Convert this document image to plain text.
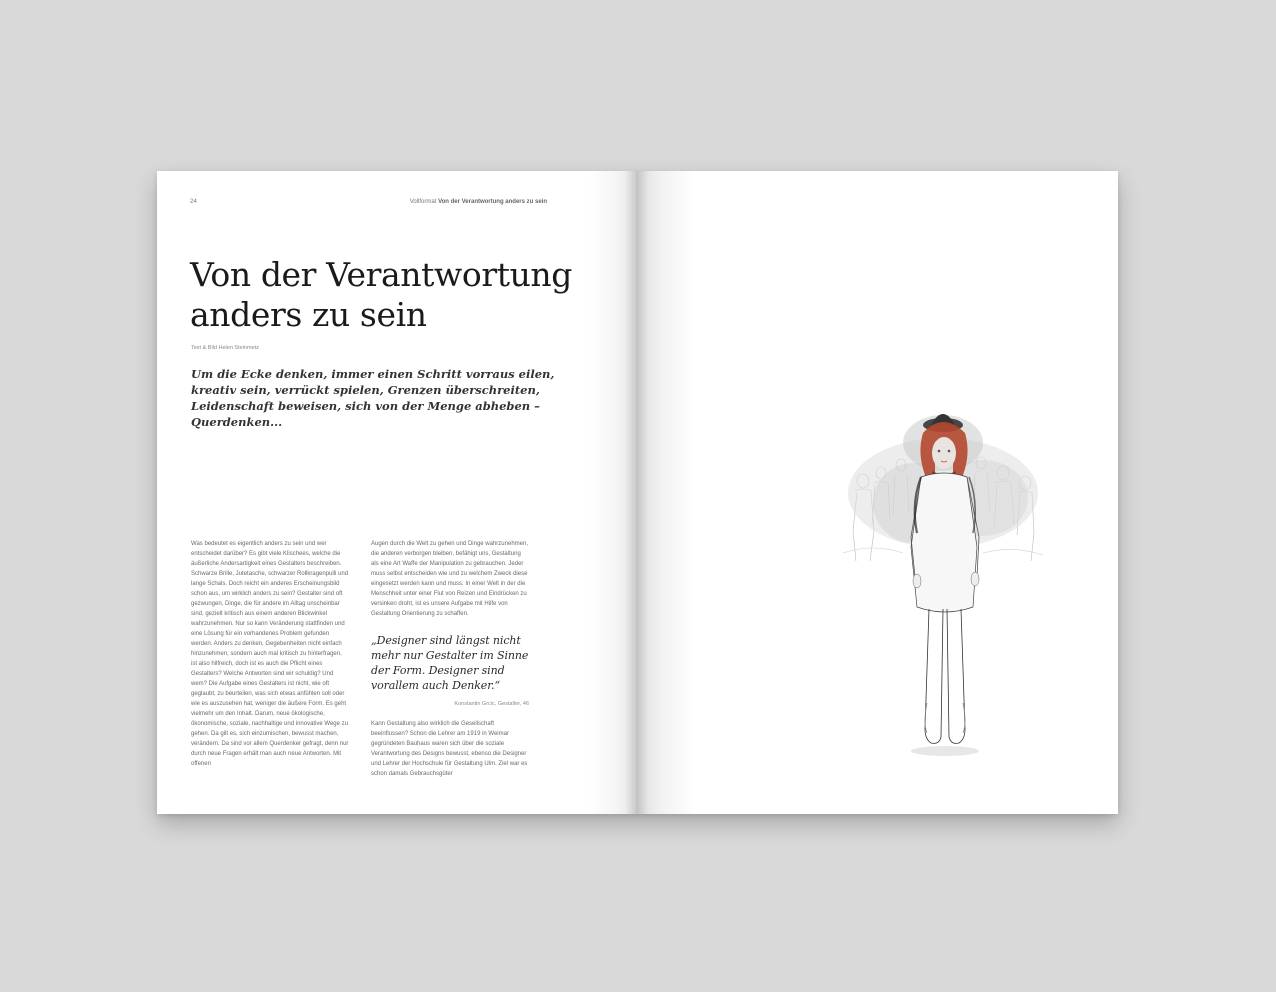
24	Vollformat Von der Verantwortung anders zu sein
Von der Verantwortung
anders zu sein
Text & Bild Helen Steinmetz

Um die Ecke denken, immer einen Schritt vorraus eilen, kreativ sein, verrückt spielen, Grenzen überschreiten, Leidenschaft beweisen, sich von der Menge abheben – Querdenken...

Was bedeutet es eigentlich anders zu sein und wer entscheidet darüber? Es gibt viele Klischees, welche die äußerliche Andersartigkeit eines Gestalters beschreiben. Schwarze Brille, Jutetasche, schwarzer Rollkragenpulli und lange Schals. Doch reicht ein anderes Erscheinungsbild schon aus, um wirklich anders zu sein? Gestalter sind oft gezwungen, Dinge, die für andere im Alltag unscheinbar sind, gezielt kritisch aus einem anderen Blickwinkel wahrzunehmen. Nur so kann Veränderung stattfinden und eine Lösung für ein vorhandenes Problem gefunden werden. Anders zu denken, Gegebenheiten nicht einfach hinzunehmen, sondern auch mal kritisch zu hinterfragen, ist also hilfreich, doch ist es auch die Pflicht eines Gestalters? Welche Antworten sind wir schuldig? Und wem? Die Aufgabe eines Gestalters ist nicht, wie oft geglaubt, zu beurteilen, was sich etwas anfühlen soll oder wie es auszusehen hat, weniger die äußere Form. Es geht vielmehr um den Inhalt. Darum, neue ökologische, ökonomische, soziale, nachhaltige und innovative Wege zu gehen. Da gilt es, sich einzumischen, bewusst machen, verändern. Da sind vor allem Querdenker gefragt, denn nur durch neue Fragen erhält man auch neue Antworten. Mit offenen

Augen durch die Welt zu gehen und Dinge wahrzunehmen, die anderen verborgen bleiben, befähigt uns, Gestaltung als eine Art Waffe der Manipulation zu gebrauchen. Jeder muss selbst entscheiden wie und zu welchem Zweck diese eingesetzt werden kann und muss. In einer Welt in der die Menschheit unter einer Flut von Reizen und Eindrücken zu versinken droht, ist es unsere Aufgabe mit Hilfe von Gestaltung Orientierung zu schaffen.

„Designer sind längst nicht mehr nur Gestalter im Sinne der Form. Designer sind vorallem auch Denker.“

Konstantin Grcic, Gestalter, 46

Kann Gestaltung also wirklich die Gesellschaft beeinflussen? Schon die Lehrer am 1919 in Weimar gegründeten Bauhaus waren sich über die soziale Verantwortung des Designs bewusst, ebenso die Designer und Lehrer der Hochschule für Gestaltung Ulm. Ziel war es schon damals Gebrauchsgüter
